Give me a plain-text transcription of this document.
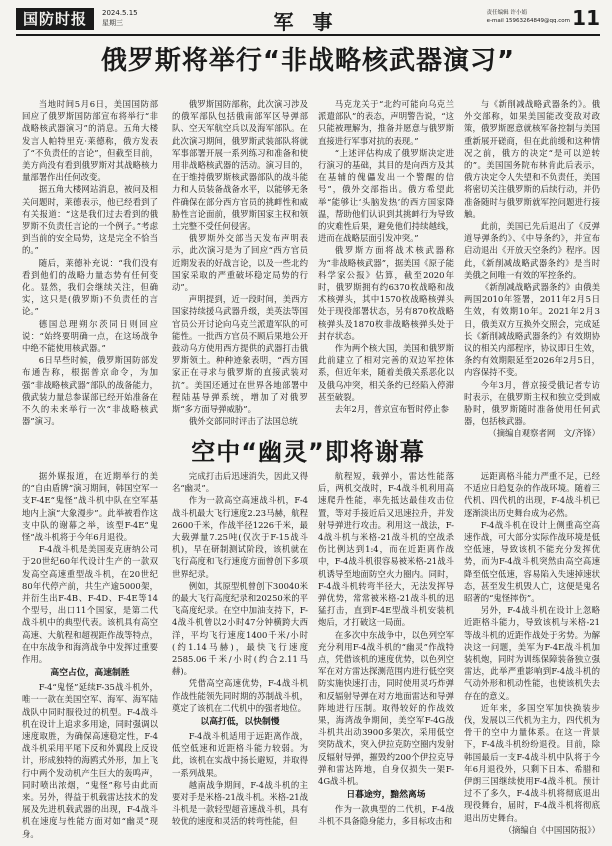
国防时报	2024.5.15
星期三	军 事	责任编辑 许小娟
e-mail 15963264849@qq.com 11
俄罗斯将举行“非战略核武器演习”

当地时间5月6日，美国国防部回应了俄罗斯国防部宣布将举行“非战略核武器演习”的消息。五角大楼发言人帕特里克·莱德称，俄方发表了“不负责任的言论”，但截至目前，美方尚没有看到俄罗斯对其战略核力量部署作出任何改变。

据五角大楼网站消息，被问及相关问题时，莱德表示，他已经看到了有关报道：“这是我们过去看到的俄罗斯不负责任言论的一个例子。”考虑到当前的安全局势，这是完全不恰当的。”

随后，莱德补充说：“我们没有看到他们的战略力量态势有任何变化。显然，我们会继续关注，但确实，这只是(俄罗斯)不负责任的言论。”

德国总理朔尔茨同日则回应说：“始终要明确一点，在这场战争中绝不能使用核武器。”

6日早些时候，俄罗斯国防部发布通告称，根据普京命令，为加强“非战略核武器”部队的战备能力，俄武装力量总参谋部已经开始准备在不久的未来举行一次“非战略核武器”演习。

俄罗斯国防部称，此次演习涉及的俄军部队包括俄南部军区导弹部队、空天军航空兵以及海军部队。在此次演习期间，俄罗斯武装部队将就军事部署开展一系列练习和准备和使用非战略核武器的活动。演习目的，在于维持俄罗斯核武器部队的战斗能力和人员装备战备水平，以能够无条件确保在部分西方官员的挑衅性和威胁性言论面前，俄罗斯国家主权和领土完整不受任何侵害。

俄罗斯外交部当天发布声明表示，此次演习是为了回应“西方官员近期发表的好战言论，以及一些北约国家采取的严重破坏稳定局势的行动”。

声明提到，近一段时间，美西方国家持续援乌武器升级，美英法等国官员公开讨论向乌克兰派遣军队的可能性。一批西方官员不顾后果地公开鼓动乌方使用西方提供的武器打击俄罗斯领土。种种迹象表明，“西方国家正在寻求与俄罗斯的直接武装对抗”。美国还通过在世界各地部署中程陆基导弹系统，增加了对俄罗斯“多方面导弹威胁”。

俄外交部同时评击了法国总统

马克龙关于“北约可能向乌克兰派遣部队”的表态，声明警告说，“这只能被理解为，推备并愿意与俄罗斯直接进行军事对抗的表现。”

“上述评估构成了俄罗斯决定进行演习的基础，其目的是向西方及其在基辅的傀儡发出一个警醒的信号”，俄外交部指出。俄方希望此举“能够让‘头脑发热’的西方国家降温，帮助他们认识到其挑衅行为导致的灾难性后果，避免他们持续越线，进而在战略层面引发冲突。”

俄罗斯方面将战术核武器称为“非战略核武器”，据美国《原子能科学家公报》估算，截至2020年时，俄罗斯拥有约6370枚战略和战术核弹头，其中1570枚战略核弹头处于现役部署状态，另有870枚战略核弹头及1870枚非战略核弹头处于封存状态。

作为两个核大国，美国和俄罗斯此前建立了相对完善的双边军控体系，但近年来，随着美俄关系恶化以及俄乌冲突，相关条约已经陷入停滞甚至破裂。

去年2月，普京宣布暂时停止参

与《新削减战略武器条约》。俄外交部称，如果美国能改变敌对政策，俄罗斯愿意就核军备控制与美国重新展开磋商，但在此前缓和这种情况之前，俄方的决定“是可以逆转的”。美国国务院布林肯此后表示，俄方决定令人失望和不负责任，美国将密切关注俄罗斯的后续行动，并仍准备随时与俄罗斯就军控问题进行接触。

此前，美国已先后退出了《反弹道导弹条约》、《中导条约》，并宣布启动退出《开放天空条约》程序。因此，《新削减战略武器条约》是当时美俄之间唯一有效的军控条约。

《新削减战略武器条约》由俄美两国2010年签署，2011年2月5日生效，有效期10年。2021年2月3日，俄美双方互换外交照会，完成延长《新削减战略武器条约》有效期协议的相关内部程序，协议即日生效，条约有效期限延至2026年2月5日，内容保持不变。

今年3月，普京接受俄记者专访时表示，在俄罗斯主权和独立受到威胁时，俄罗斯随时准备使用任何武器，包括核武器。

（摘编自观察者网　文/齐锋）

空中“幽灵”即将谢幕

据外媒报道，在近期举行的美的“自由盾牌”演习期间，韩国空军一支F-4E“鬼怪”战斗机中队在空军基地内上演“大象漫步”。此举被看作这支中队的谢幕之举，该型F-4E“鬼怪”战斗机将于今年6月退役。

F-4战斗机是美国麦克唐纳公司于20世纪60年代设计生产的一款双发高空高速重型战斗机，在20世纪80年代停产前，共生产逾5000架，并衍生出F-4B、F-4D、F-4E等14个型号，出口11个国家，是第二代战斗机中的典型代表。该机具有高空高速、大航程和超视距作战等特点，在中东战争和海湾战争中发挥过重要作用。

高空占位，高速制胜

F-4“鬼怪”延续F-35战斗机外，唯一一款在美国空军、海军、海军陆战队中同时服役过的机型。F-4战斗机在设计上追求多用途，同时强调以速度取胜，为确保高速稳定性，F-4战斗机采用平尾下反和外翼段上反设计，形成独特的海鸥式外形，加上飞行中两个发动机产生巨大的轰鸣声，同时喷出浓烟，“鬼怪”称号由此而来。另外，得益于机载雷达技术的发展及先进机载武器的出现，F-4战斗机在速度与性能方面对如“幽灵”现身。

完成打击后迅速消失，因此又得名“幽灵”。

作为一款高空高速战斗机，F-4战斗机最大飞行速度2.23马赫，航程2600千米，作战半径1226千米，最大载弹量7.25吨(仅次于F-15战斗机)，早在研制测试阶段，该机就在飞行高度和飞行速度方面曾创下多项世界纪录。

例如，其原型机曾创下30040米的最大飞行高度纪录和20250米的平飞高度纪录。在空中加油支持下，F-4战斗机曾以2小时47分钟横跨大西洋，平均飞行速度1400千米/小时(约1.14马赫)，最快飞行速度2585.06千米/小时(约合2.11马赫)。

凭借高空高速优势，F-4战斗机作战性能领先同时期的苏制战斗机，奠定了该机在二代机中的强者地位。

以高打低，以快制慢

F-4战斗机适用于远距离作战，低空低速和近距格斗能力较弱。为此，该机在实战中扬长避短，并取得一系列战果。

越南战争期间，F-4战斗机的主要对手是米格-21战斗机。米格-21战斗机是一款轻型超音速战斗机，具有较优的速度和灵活的转弯性能，但

航程短，载弹小，雷达性能落后，两机交战时，F-4战斗机利用高速爬升性能，率先抵达最佳攻击位置，等对手接近后又迅速拉升，并发射导弹进行攻击。利用这一战法，F-4战斗机与米格-21战斗机的空战杀伤比例达到1:4，而在近距离作战中，F-4战斗机很容易被米格-21战斗机诱导至地面防空火力圈内。同时，F-4战斗机转弯半径大，无法发挥导弹优势，常常被米格-21战斗机的迅猛打击，直到F-4E型战斗机安装机炮后，才打破这一局面。

在多次中东战争中，以色列空军充分利用F-4战斗机的“幽灵”作战特点，凭借该机的速度优势，以色列空军在对方雷达探测范围内进行低空突防实施快速打击，同时使用灵巧炸弹和反辐射导弹在对方地面雷达和导弹阵地进行压制。取得较好的作战效果，海湾战争期间，美空军F-4G战斗机共出动3900多架次，采用低空突防战术，突入伊拉克防空圈内发射反辐射导弹，摧毁约200个伊拉克导弹和雷达阵地，自身仅损失一架F-4G战斗机。

日暮途穷，黯然离场

作为一款典型的二代机，F-4战斗机不具备隐身能力，多目标攻击和

远距离格斗能力严重不足，已经不适应日趋复杂的作战环境。随着三代机、四代机的出现，F-4战斗机已逐渐淡出历史舞台成为必然。

F-4战斗机在设计上侧重高空高速作战，可大部分实际作战环境是低空低速，导致该机不能充分发挥优势，而为F-4战斗机突然由高空高速降至低空低速，容易陷入失速掉速状态，甚至发生机毁人亡，这便是鬼名昭著的“鬼怪摔伤”。

另外，F-4战斗机在设计上忽略近距格斗能力，导致该机与米格-21等战斗机的近距作战处于劣势。为解决这一问题，美军为F-4E战斗机加装机炮，同时为训练保障装备独立强雷达，此举严重影响到F-4战斗机的气动外形和机动性能，也使该机失去存在的意义。

近年来，多国空军加快换装步伐，发展以三代机为主力，四代机为骨干的空中力量体系。在这一背景下，F-4战斗机纷纷退役。目前，除韩国最后一支F-4战斗机中队将于今年6月退役外，只剩下日本、希腊和伊朗三国继续使用F-4战斗机。预计过不了多久，F-4战斗机将彻底退出现役舞台，届时，F-4战斗机将彻底退出历史舞台。

（摘编自《中国国防报》）
